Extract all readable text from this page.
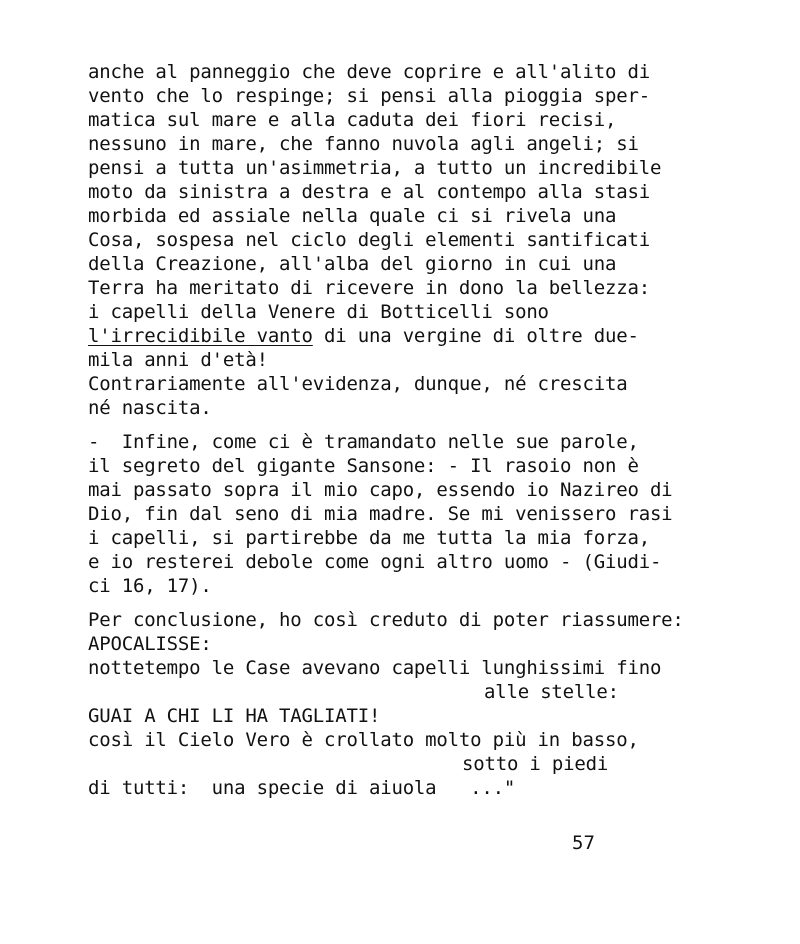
anche al panneggio che deve coprire e all'alito di
vento che lo respinge; si pensi alla pioggia sper-
matica sul mare e alla caduta dei fiori recisi,
nessuno in mare, che fanno nuvola agli angeli; si
pensi a tutta un'asimmetria, a tutto un incredibile
moto da sinistra a destra e al contempo alla stasi
morbida ed assiale nella quale ci si rivela una
Cosa, sospesa nel ciclo degli elementi santificati
della Creazione, all'alba del giorno in cui una
Terra ha meritato di ricevere in dono la bellezza:
i capelli della Venere di Botticelli sono
l'irrecidibile vanto di una vergine di oltre due-
mila anni d'età!
Contrariamente all'evidenza, dunque, né crescita
né nascita.
-  Infine, come ci è tramandato nelle sue parole,
il segreto del gigante Sansone: - Il rasoio non è
mai passato sopra il mio capo, essendo io Nazireo di
Dio, fin dal seno di mia madre. Se mi venissero rasi
i capelli, si partirebbe da me tutta la mia forza,
e io resterei debole come ogni altro uomo - (Giudi-
ci 16, 17).
Per conclusione, ho così creduto di poter riassumere:
APOCALISSE:
nottetempo le Case avevano capelli lunghissimi fino
alle stelle:
GUAI A CHI LI HA TAGLIATI!
così il Cielo Vero è crollato molto più in basso,
sotto i piedi
di tutti:  una specie di aiuola   ..."
57
